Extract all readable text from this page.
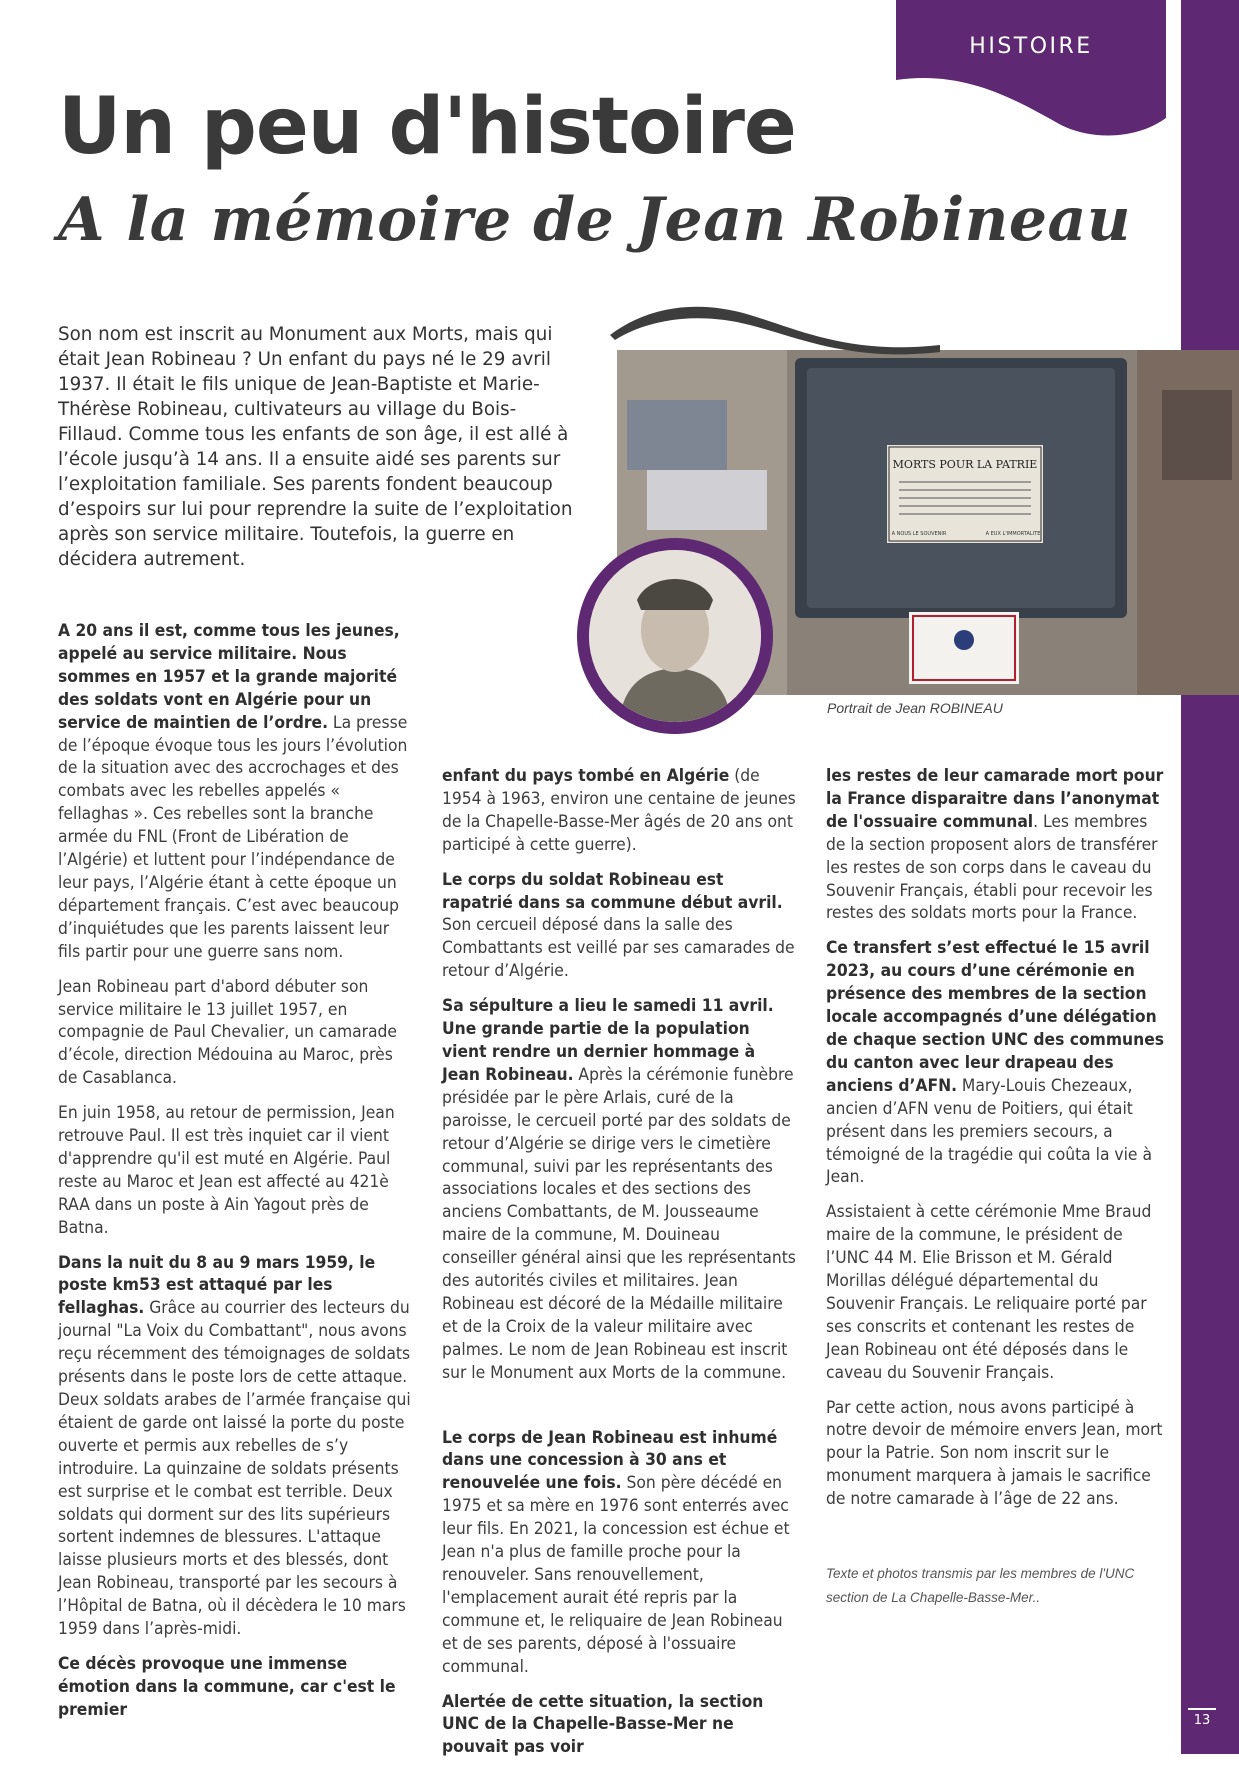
13
HISTOIRE
Un peu d'histoire
A la mémoire de Jean Robineau

Son nom est inscrit au Monument aux Morts, mais qui était Jean Robineau ? Un enfant du pays né le 29 avril 1937. Il était le fils unique de Jean-Baptiste et Marie-Thérèse Robineau, cultivateurs au village du Bois-Fillaud. Comme tous les enfants de son âge, il est allé à l’école jusqu’à 14 ans. Il a ensuite aidé ses parents sur l’exploitation familiale. Ses parents fondent beaucoup d’espoirs sur lui pour reprendre la suite de l’exploitation après son service militaire. Toutefois, la guerre en décidera autrement.

MORTS POUR LA PATRIE
A NOUS LE SOUVENIR	A EUX L'IMMORTALITE

Portrait de Jean ROBINEAU

A 20 ans il est, comme tous les jeunes, appelé au service militaire. Nous sommes en 1957 et la grande majorité des soldats vont en Algérie pour un service de maintien de l’ordre. La presse de l’époque évoque tous les jours l’évolution de la situation avec des accrochages et des combats avec les rebelles appelés « fellaghas ». Ces rebelles sont la branche armée du FNL (Front de Libération de l’Algérie) et luttent pour l’indépendance de leur pays, l’Algérie étant à cette époque un département français. C’est avec beaucoup d’inquiétudes que les parents laissent leur fils partir pour une guerre sans nom.

Jean Robineau part d'abord débuter son service militaire le 13 juillet 1957, en compagnie de Paul Chevalier, un camarade d’école, direction Médouina au Maroc, près de Casablanca.

En juin 1958, au retour de permission, Jean retrouve Paul. Il est très inquiet car il vient d'apprendre qu'il est muté en Algérie. Paul reste au Maroc et Jean est affecté au 421è RAA dans un poste à Ain Yagout près de Batna.

Dans la nuit du 8 au 9 mars 1959, le poste km53 est attaqué par les fellaghas. Grâce au courrier des lecteurs du journal "La Voix du Combattant", nous avons reçu récemment des témoignages de soldats présents dans le poste lors de cette attaque. Deux soldats arabes de l’armée française qui étaient de garde ont laissé la porte du poste ouverte et permis aux rebelles de s’y introduire. La quinzaine de soldats présents est surprise et le combat est terrible. Deux soldats qui dorment sur des lits supérieurs sortent indemnes de blessures. L'attaque laisse plusieurs morts et des blessés, dont Jean Robineau, transporté par les secours à l’Hôpital de Batna, où il décèdera le 10 mars 1959 dans l’après-midi.

Ce décès provoque une immense émotion dans la commune, car c'est le premier

enfant du pays tombé en Algérie (de 1954 à 1963, environ une centaine de jeunes de la Chapelle-Basse-Mer âgés de 20 ans ont participé à cette guerre).

Le corps du soldat Robineau est rapatrié dans sa commune début avril. Son cercueil déposé dans la salle des Combattants est veillé par ses camarades de retour d’Algérie.

Sa sépulture a lieu le samedi 11 avril. Une grande partie de la population vient rendre un dernier hommage à Jean Robineau. Après la cérémonie funèbre présidée par le père Arlais, curé de la paroisse, le cercueil porté par des soldats de retour d’Algérie se dirige vers le cimetière communal, suivi par les représentants des associations locales et des sections des anciens Combattants, de M. Jousseaume maire de la commune, M. Douineau conseiller général ainsi que les représentants des autorités civiles et militaires. Jean Robineau est décoré de la Médaille militaire et de la Croix de la valeur militaire avec palmes. Le nom de Jean Robineau est inscrit sur le Monument aux Morts de la commune.

Le corps de Jean Robineau est inhumé dans une concession à 30 ans et renouvelée une fois. Son père décédé en 1975 et sa mère en 1976 sont enterrés avec leur fils. En 2021, la concession est échue et Jean n'a plus de famille proche pour la renouveler. Sans renouvellement, l'emplacement aurait été repris par la commune et, le reliquaire de Jean Robineau et de ses parents, déposé à l'ossuaire communal.

Alertée de cette situation, la section UNC de la Chapelle-Basse-Mer ne pouvait pas voir

les restes de leur camarade mort pour la France disparaitre dans l’anonymat de l'ossuaire communal. Les membres de la section proposent alors de transférer les restes de son corps dans le caveau du Souvenir Français, établi pour recevoir les restes des soldats morts pour la France.

Ce transfert s’est effectué le 15 avril 2023, au cours d’une cérémonie en présence des membres de la section locale accompagnés d’une délégation de chaque section UNC des communes du canton avec leur drapeau des anciens d’AFN. Mary-Louis Chezeaux, ancien d’AFN venu de Poitiers, qui était présent dans les premiers secours, a témoigné de la tragédie qui coûta la vie à Jean.

Assistaient à cette cérémonie Mme Braud maire de la commune, le président de l’UNC 44 M. Elie Brisson et M. Gérald Morillas délégué départemental du Souvenir Français. Le reliquaire porté par ses conscrits et contenant les restes de Jean Robineau ont été déposés dans le caveau du Souvenir Français.

Par cette action, nous avons participé à notre devoir de mémoire envers Jean, mort pour la Patrie. Son nom inscrit sur le monument marquera à jamais le sacrifice de notre camarade à l’âge de 22 ans.

Texte et photos transmis par les membres de l'UNC section de La Chapelle-Basse-Mer..
